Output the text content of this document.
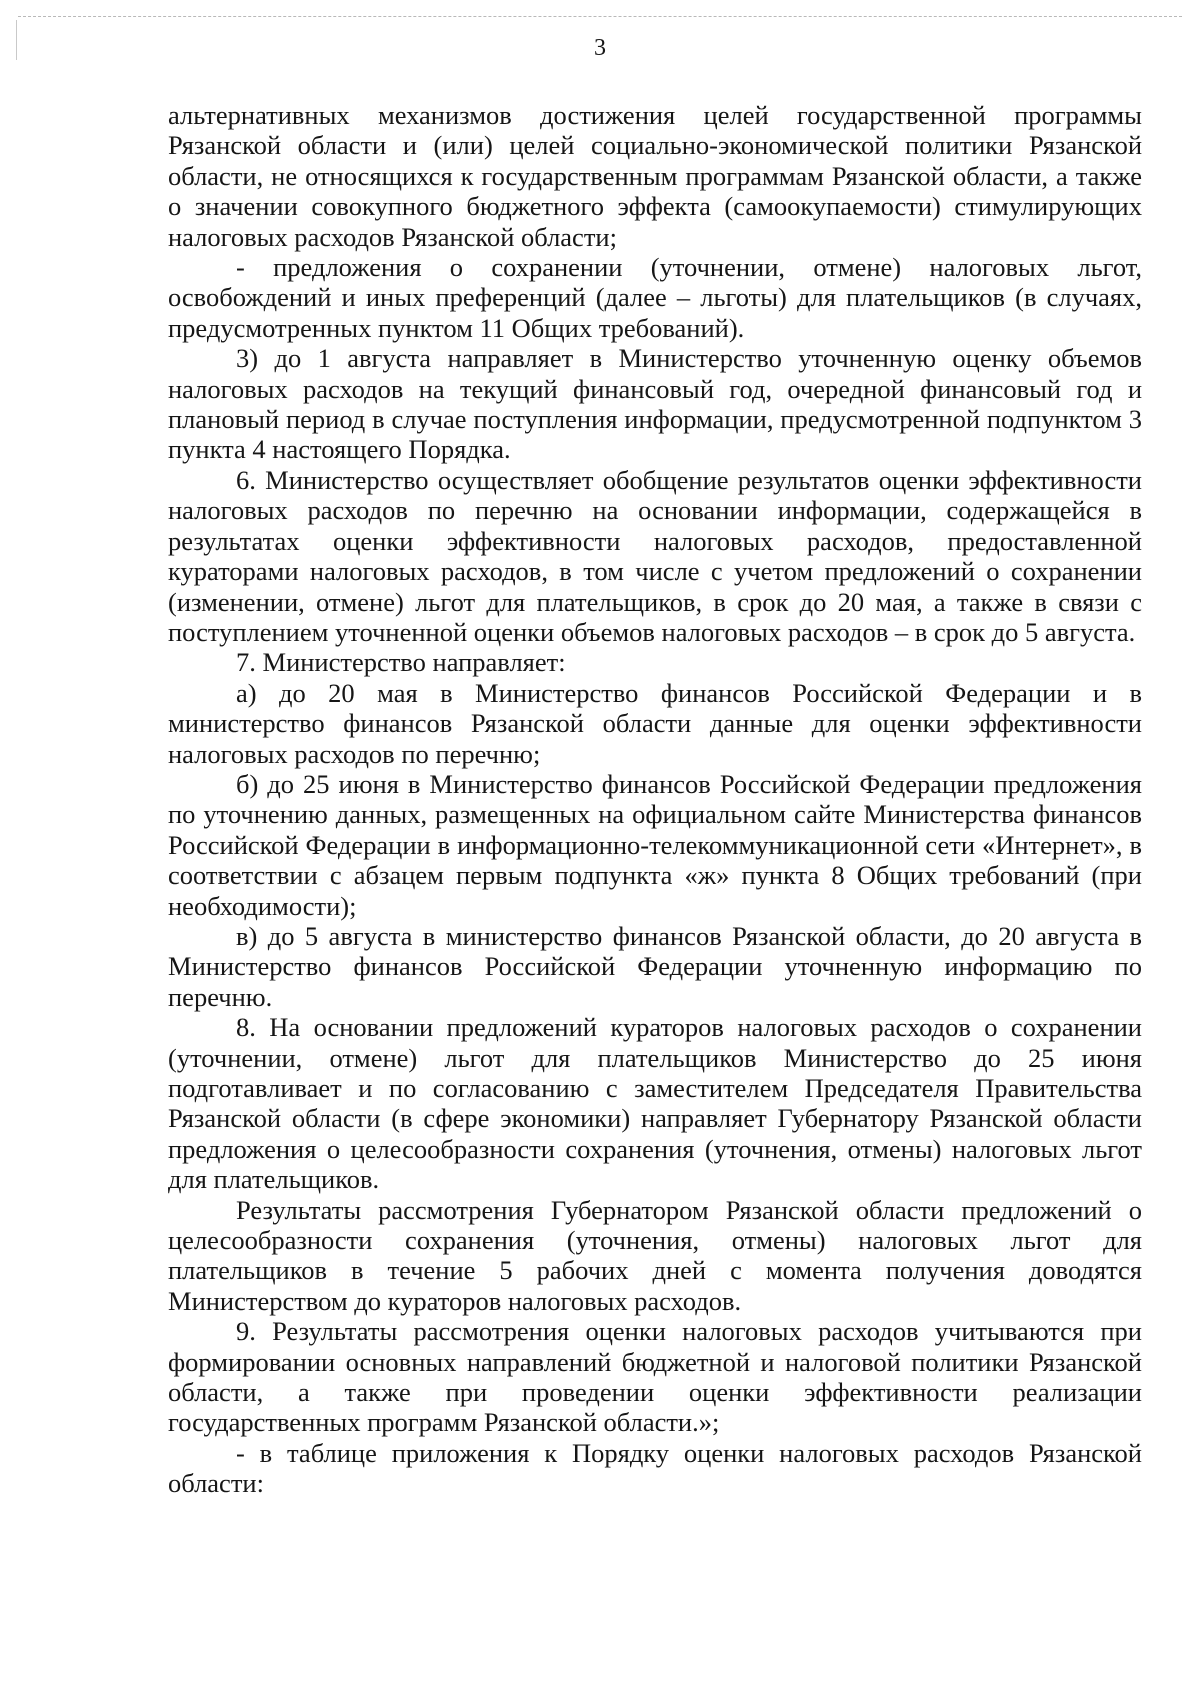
3

альтернативных механизмов достижения целей государственной программы Рязанской области и (или) целей социально-экономической политики Рязанской области, не относящихся к государственным программам Рязанской области, а также о значении совокупного бюджетного эффекта (самоокупаемости) стимулирующих налоговых расходов Рязанской области;

- предложения о сохранении (уточнении, отмене) налоговых льгот, освобождений и иных преференций (далее – льготы) для плательщиков (в случаях, предусмотренных пунктом 11 Общих требований).

3) до 1 августа направляет в Министерство уточненную оценку объемов налоговых расходов на текущий финансовый год, очередной финансовый год и плановый период в случае поступления информации, предусмотренной подпунктом 3 пункта 4 настоящего Порядка.

6. Министерство осуществляет обобщение результатов оценки эффективности налоговых расходов по перечню на основании информации, содержащейся в результатах оценки эффективности налоговых расходов, предоставленной кураторами налоговых расходов, в том числе с учетом предложений о сохранении (изменении, отмене) льгот для плательщиков, в срок до 20 мая, а также в связи с поступлением уточненной оценки объемов налоговых расходов – в срок до 5 августа.

7. Министерство направляет:

а) до 20 мая в Министерство финансов Российской Федерации и в министерство финансов Рязанской области данные для оценки эффективности налоговых расходов по перечню;

б) до 25 июня в Министерство финансов Российской Федерации предложения по уточнению данных, размещенных на официальном сайте Министерства финансов Российской Федерации в информационно-телекоммуникационной сети «Интернет», в соответствии с абзацем первым подпункта «ж» пункта 8 Общих требований (при необходимости);

в) до 5 августа в министерство финансов Рязанской области, до 20 августа в Министерство финансов Российской Федерации уточненную информацию по перечню.

8. На основании предложений кураторов налоговых расходов о сохранении (уточнении, отмене) льгот для плательщиков Министерство до 25 июня подготавливает и по согласованию с заместителем Председателя Правительства Рязанской области (в сфере экономики) направляет Губернатору Рязанской области предложения о целесообразности сохранения (уточнения, отмены) налоговых льгот для плательщиков.

Результаты рассмотрения Губернатором Рязанской области предложений о целесообразности сохранения (уточнения, отмены) налоговых льгот для плательщиков в течение 5 рабочих дней с момента получения доводятся Министерством до кураторов налоговых расходов.

9. Результаты рассмотрения оценки налоговых расходов учитываются при формировании основных направлений бюджетной и налоговой политики Рязанской области, а также при проведении оценки эффективности реализации государственных программ Рязанской области.»;

- в таблице приложения к Порядку оценки налоговых расходов Рязанской области:
